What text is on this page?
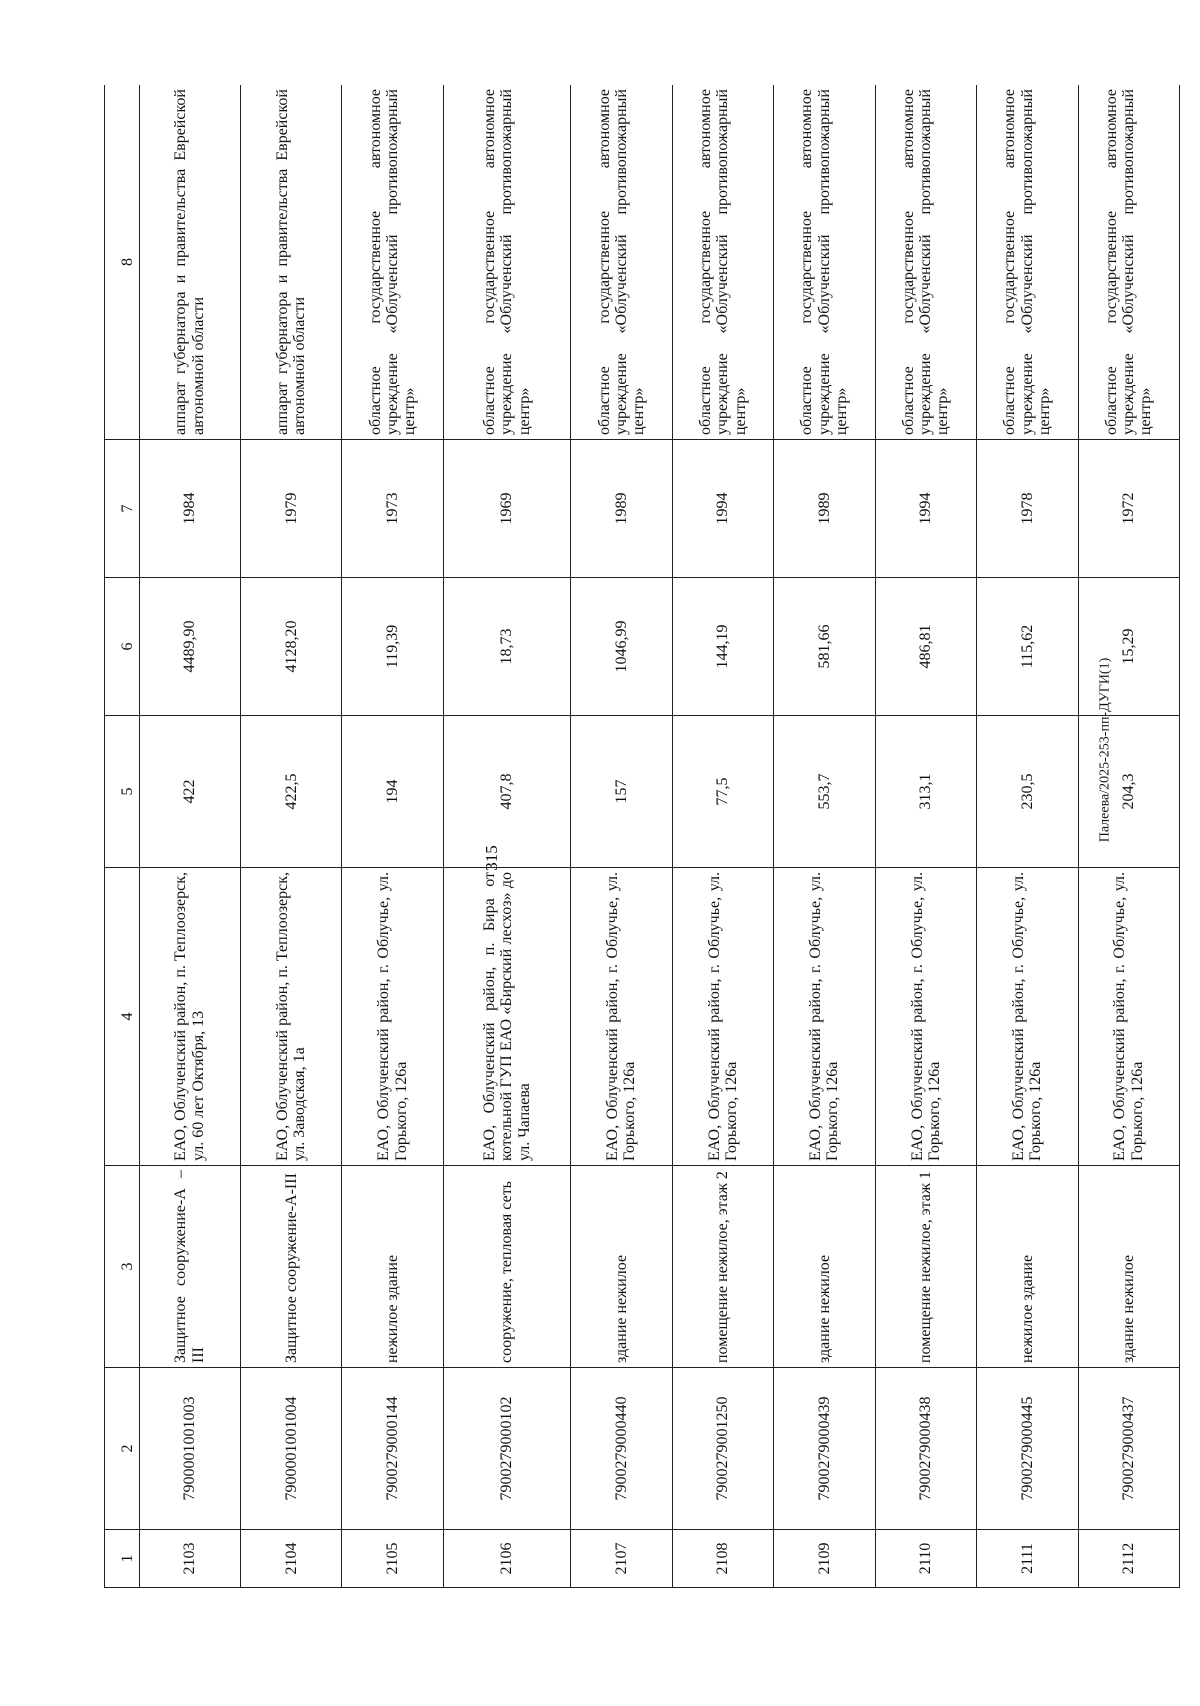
315
1	2	3	4	5	6	7	8
2103	7900001001003	Защитное сооружение-А – III	ЕАО, Облученский район, п. Теплоозерск, ул. 60 лет Октября, 13	422	4489,90	1984	аппарат губернатора и правительства Еврейской автономной области
2104	7900001001004	Защитное сооружение-А-III	ЕАО, Облученский район, п. Теплоозерск, ул. Заводская, 1а	422,5	4128,20	1979	аппарат губернатора и правительства Еврейской автономной области
2105	7900279000144	нежилое здание	ЕАО, Облученский район, г. Облучье, ул. Горького, 126а	194	119,39	1973	областное государственное автономное учреждение «Облученский противопожарный центр»
2106	7900279000102	сооружение, тепловая сеть	ЕАО, Облученский район, п. Бира от котельной ГУП ЕАО «Бирский лесхоз» до ул. Чапаева	407,8	18,73	1969	областное государственное автономное учреждение «Облученский противопожарный центр»
2107	7900279000440	здание нежилое	ЕАО, Облученский район, г. Облучье, ул. Горького, 126а	157	1046,99	1989	областное государственное автономное учреждение «Облученский противопожарный центр»
2108	7900279001250	помещение нежилое, этаж 2	ЕАО, Облученский район, г. Облучье, ул. Горького, 126а	77,5	144,19	1994	областное государственное автономное учреждение «Облученский противопожарный центр»
2109	7900279000439	здание нежилое	ЕАО, Облученский район, г. Облучье, ул. Горького, 126а	553,7	581,66	1989	областное государственное автономное учреждение «Облученский противопожарный центр»
2110	7900279000438	помещение нежилое, этаж 1	ЕАО, Облученский район, г. Облучье, ул. Горького, 126а	313,1	486,81	1994	областное государственное автономное учреждение «Облученский противопожарный центр»
2111	7900279000445	нежилое здание	ЕАО, Облученский район, г. Облучье, ул. Горького, 126а	230,5	115,62	1978	областное государственное автономное учреждение «Облученский противопожарный центр»
2112	7900279000437	здание нежилое	ЕАО, Облученский район, г. Облучье, ул. Горького, 126а	204,3	15,29	1972	областное государственное автономное учреждение «Облученский противопожарный центр»
Палеева/2025-253-пп-ДУГИ(1)
